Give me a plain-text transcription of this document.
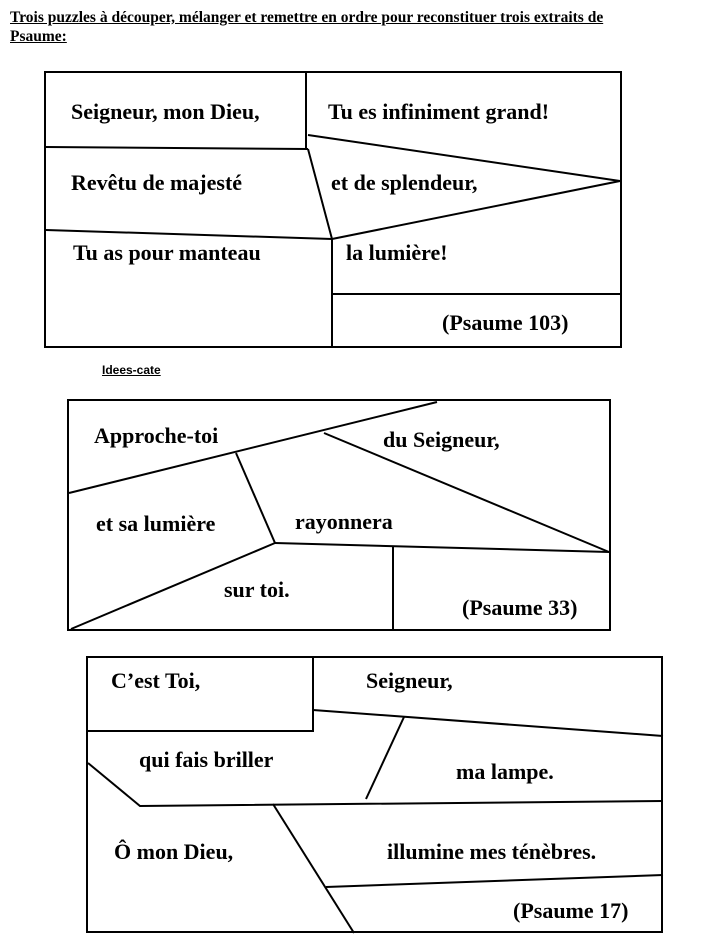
Trois puzzles à découper, mélanger et remettre en ordre pour reconstituer trois extraits de Psaume:
Seigneur, mon Dieu,	Tu es infiniment grand!
Revêtu de majesté	et de splendeur,
Tu as pour manteau	la lumière!
(Psaume 103)
Idees-cate
Approche-toi	du Seigneur,
et sa lumière	rayonnera
sur toi.
(Psaume 33)
C’est Toi,	Seigneur,
qui fais briller	ma lampe.
Ô mon Dieu,	illumine mes ténèbres.
(Psaume 17)
